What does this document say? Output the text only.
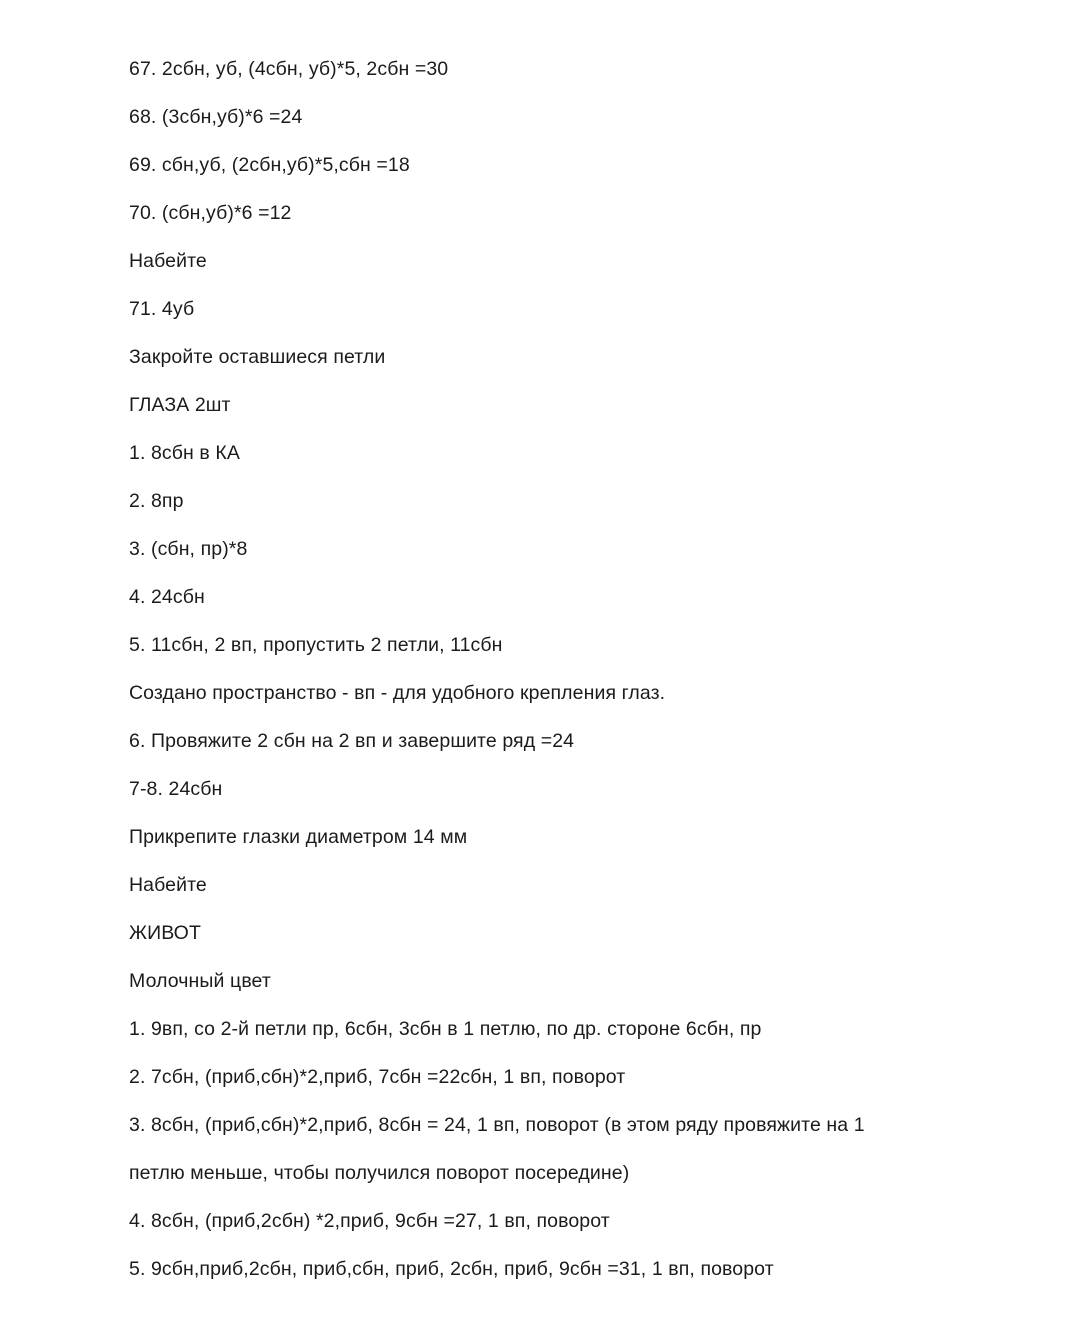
67. 2сбн, уб, (4сбн, уб)*5, 2сбн =30

68. (3сбн,уб)*6 =24

69. сбн,уб, (2сбн,уб)*5,сбн =18

70. (сбн,уб)*6 =12

Набейте

71. 4уб

Закройте оставшиеся петли

ГЛАЗА 2шт

1. 8сбн в КА

2. 8пр

3. (сбн, пр)*8

4. 24сбн

5. 11сбн, 2 вп, пропустить 2 петли, 11сбн

Создано пространство - вп - для удобного крепления глаз.

6. Провяжите 2 сбн на 2 вп и завершите ряд =24

7-8. 24сбн

Прикрепите глазки диаметром 14 мм

Набейте

ЖИВОТ

Молочный цвет

1. 9вп, со 2-й петли пр, 6сбн, 3сбн в 1 петлю, по др. стороне 6сбн, пр

2. 7сбн, (приб,сбн)*2,приб, 7сбн =22сбн, 1 вп, поворот

3. 8сбн, (приб,сбн)*2,приб, 8сбн = 24, 1 вп, поворот (в этом ряду провяжите на 1

петлю меньше, чтобы получился поворот посередине)

4. 8сбн, (приб,2сбн) *2,приб, 9сбн =27, 1 вп, поворот

5. 9сбн,приб,2сбн, приб,сбн, приб, 2сбн, приб, 9сбн =31, 1 вп, поворот
